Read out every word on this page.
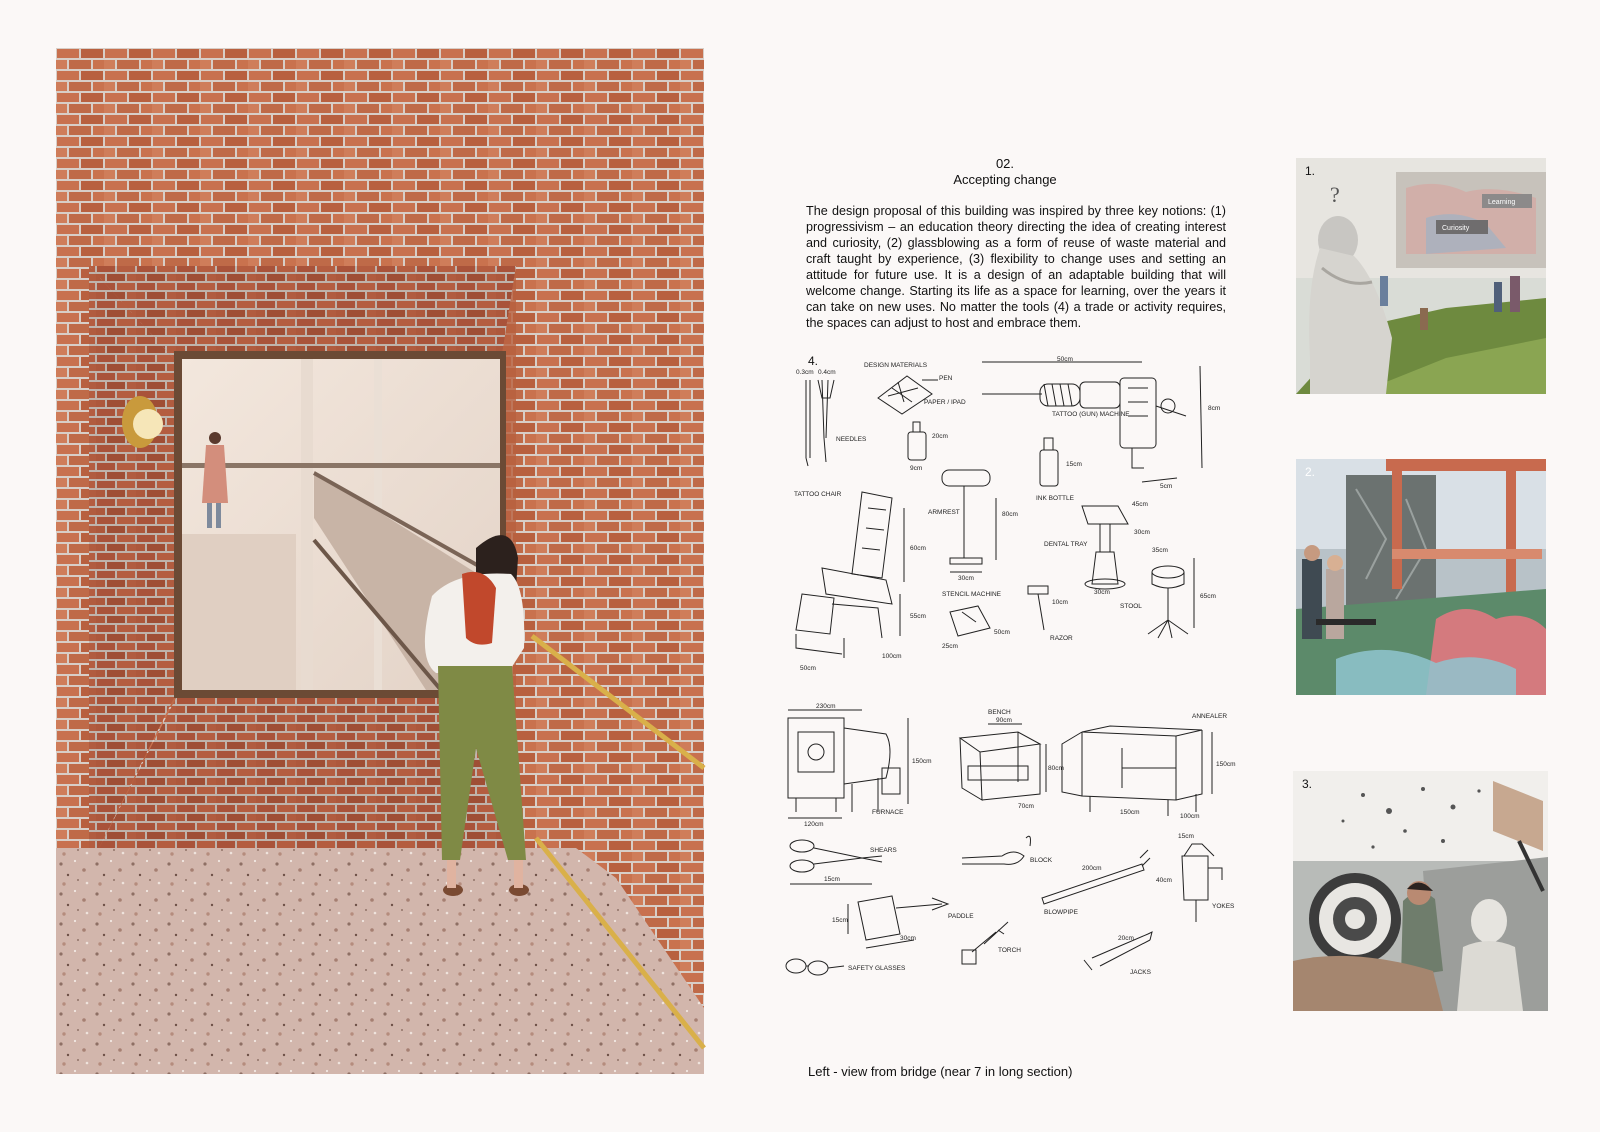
02.
Accepting change

The design proposal of this building was inspired by three key notions: (1) progressivism – an education theory directing the idea of creating interest and curiosity, (2) glassblowing as a form of reuse of waste material and craft taught by experience, (3) flexibility to change uses and setting an attitude for future use. It is a design of an adaptable building that will welcome change. Starting its life as a space for learning, over the years it can take on new uses. No matter the tools (4) a trade or activity requires, the spaces can adjust to host and embrace them.

4.
0.3cm 0.4cm
NEEDLES
DESIGN MATERIALS
PEN
PAPER / IPAD
50cm
8cm
5cm
TATTOO (GUN) MACHINE
20cm
9cm
15cm
INK BOTTLE
TATTOO CHAIR
60cm
55cm
100cm
50cm
ARMREST	80cm
30cm
45cm
30cm
30cm
DENTAL TRAY
35cm
65cm
STOOL
STENCIL MACHINE
50cm
25cm
10cm
RAZOR
230cm
150cm
120cm
FURNACE
BENCH
90cm
80cm
70cm
ANNEALER
150cm
150cm
100cm
SHEARS
15cm
BLOCK
200cm
BLOWPIPE
15cm
40cm
YOKES
15cm
30cm
PADDLE
TORCH
20cm
JACKS
SAFETY GLASSES
Learning
Curiosity
?
1.
2.
3.
Left - view from bridge (near 7 in long section)
